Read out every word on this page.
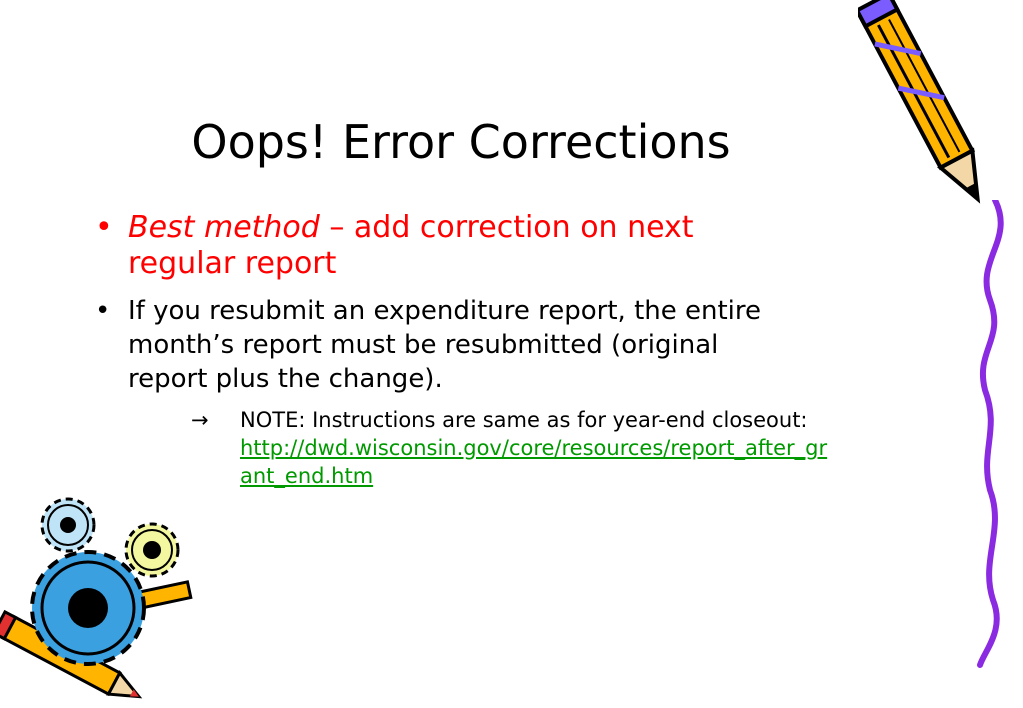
Oops! Error Corrections
• Best method – add correction on next regular report
• If you resubmit an expenditure report, the entire month’s report must be resubmitted (original report plus the change).
→ NOTE: Instructions are same as for year-end closeout:
http://dwd.wisconsin.gov/core/resources/report_after_grant_end.htm
